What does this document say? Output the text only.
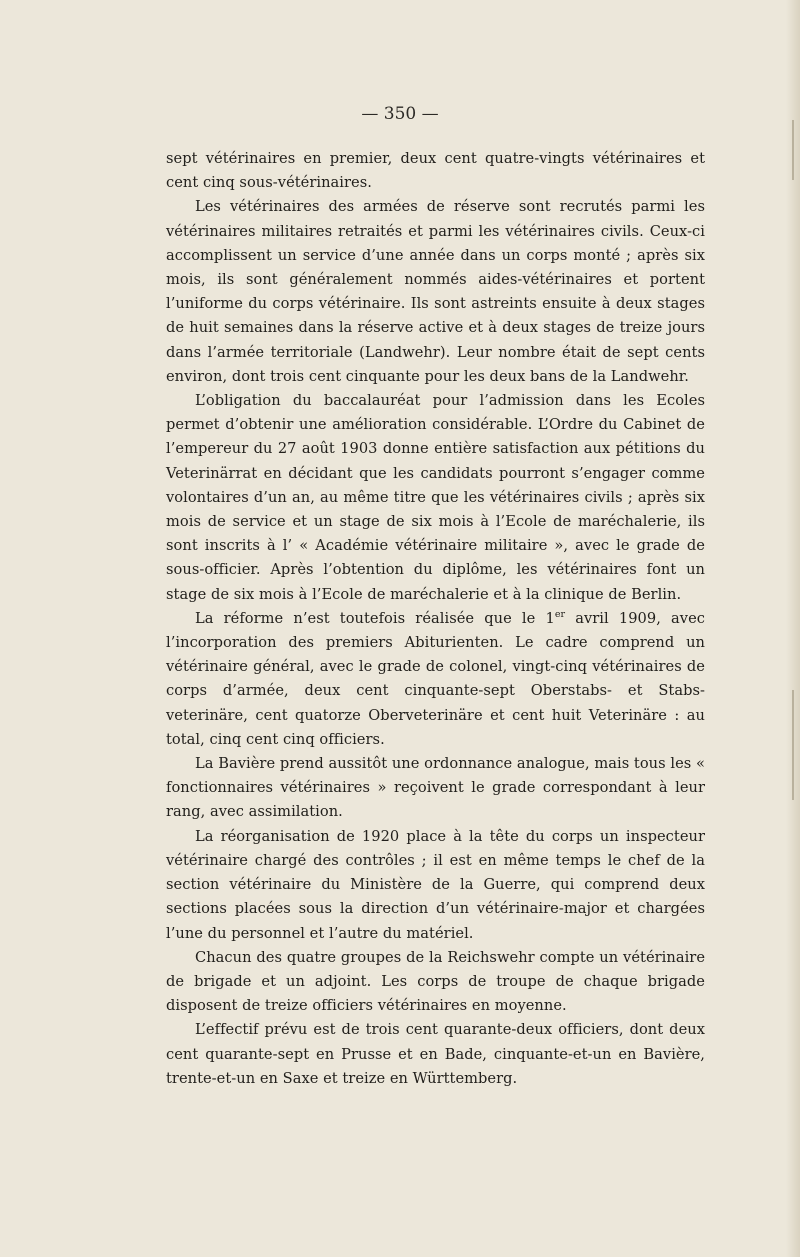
— 350 —

sept vétérinaires en premier, deux cent quatre-vingts vétérinaires et cent cinq sous-vétérinaires.

Les vétérinaires des armées de réserve sont recrutés parmi les vétérinaires militaires retraités et parmi les vétérinaires civils. Ceux-ci accomplissent un service d’une année dans un corps monté ; après six mois, ils sont généralement nommés aides-vétérinaires et portent l’uniforme du corps vétérinaire. Ils sont astreints ensuite à deux stages de huit semaines dans la réserve active et à deux stages de treize jours dans l’armée territoriale (Landwehr). Leur nombre était de sept cents environ, dont trois cent cinquante pour les deux bans de la Landwehr.

L’obligation du baccalauréat pour l’admission dans les Ecoles permet d’obtenir une amélioration considérable. L’Ordre du Cabinet de l’empereur du 27 août 1903 donne entière satisfaction aux pétitions du Veterinärrat en décidant que les candidats pourront s’engager comme volontaires d’un an, au même titre que les vétérinaires civils ; après six mois de service et un stage de six mois à l’Ecole de maréchalerie, ils sont inscrits à l’ « Académie vétérinaire militaire », avec le grade de sous-officier. Après l’obtention du diplôme, les vétérinaires font un stage de six mois à l’Ecole de maréchalerie et à la clinique de Berlin.

La réforme n’est toutefois réalisée que le 1er avril 1909, avec l’incorporation des premiers Abiturienten. Le cadre comprend un vétérinaire général, avec le grade de colonel, vingt-cinq vétérinaires de corps d’armée, deux cent cinquante-sept Oberstabs- et Stabs-veterinäre, cent quatorze Oberveterinäre et cent huit Veterinäre : au total, cinq cent cinq officiers.

La Bavière prend aussitôt une ordonnance analogue, mais tous les « fonctionnaires vétérinaires » reçoivent le grade correspondant à leur rang, avec assimilation.

La réorganisation de 1920 place à la tête du corps un inspecteur vétérinaire chargé des contrôles ; il est en même temps le chef de la section vétérinaire du Ministère de la Guerre, qui comprend deux sections placées sous la direction d’un vétérinaire-major et chargées l’une du personnel et l’autre du matériel.

Chacun des quatre groupes de la Reichswehr compte un vétérinaire de brigade et un adjoint. Les corps de troupe de chaque brigade disposent de treize officiers vétérinaires en moyenne.

L’effectif prévu est de trois cent quarante-deux officiers, dont deux cent quarante-sept en Prusse et en Bade, cinquante-et-un en Bavière, trente-et-un en Saxe et treize en Württemberg.
